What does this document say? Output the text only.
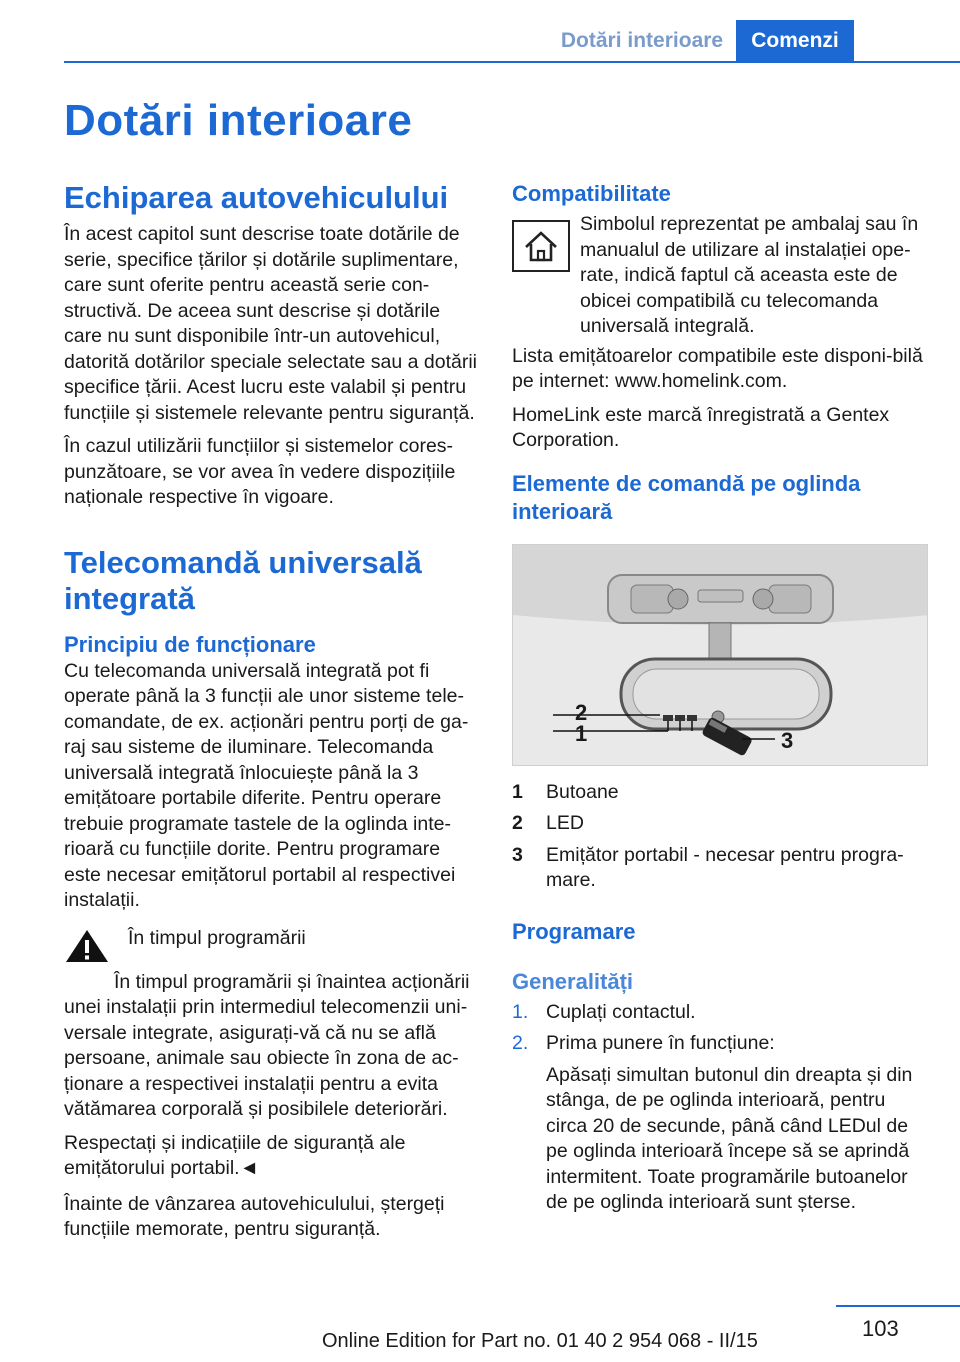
Dotări interioare	Comenzi
Dotări interioare
Echiparea autovehiculului

În acest capitol sunt descrise toate dotările de serie, specifice țărilor și dotările suplimentare, care sunt oferite pentru această serie con-structivă. De aceea sunt descrise și dotările care nu sunt disponibile într-un autovehicul, datorită dotărilor speciale selectate sau a dotării specifice țării. Acest lucru este valabil și pentru funcțiile și sistemele relevante pentru siguranță.

În cazul utilizării funcțiilor și sistemelor cores-punzătoare, se vor avea în vedere dispozițiile naționale respective în vigoare.

Telecomandă universală integrată
Principiu de funcționare

Cu telecomanda universală integrată pot fi operate până la 3 funcții ale unor sisteme tele-comandate, de ex. acționări pentru porți de ga-raj sau sisteme de iluminare. Telecomanda universală integrată înlocuiește până la 3 emițătoare portabile diferite. Pentru operare trebuie programate tastele de la oglinda inte-rioară cu funcțiile dorite. Pentru programare este necesar emițătorul portabil al respectivei instalații.

În timpul programării

În timpul programării și înaintea acționării unei instalații prin intermediul telecomenzii uni-versale integrate, asigurați-vă că nu se află persoane, animale sau obiecte în zona de ac-ționare a respectivei instalații pentru a evita vătămarea corporală și posibilele deteriorări.

Respectați și indicațiile de siguranță ale emițătorului portabil.◄

Înainte de vânzarea autovehiculului, ștergeți funcțiile memorate, pentru siguranță.

Compatibilitate
Simbolul reprezentat pe ambalaj sau în manualul de utilizare al instalației ope-rate, indică faptul că aceasta este de obicei compatibilă cu telecomanda universală integrală.

Lista emițătoarelor compatibile este disponi-bilă pe internet: www.homelink.com.

HomeLink este marcă înregistrată a Gentex Corporation.

Elemente de comandă pe oglinda interioară
2
1	3
1	Butoane
2	LED
3	Emițător portabil - necesar pentru progra-mare.
Programare
Generalități
1. Cuplați contactul.
2. Prima punere în funcțiune:

Apăsați simultan butonul din dreapta și din stânga, de pe oglinda interioară, pentru circa 20 de secunde, până când LEDul de pe oglinda interioară începe să se aprindă intermitent. Toate programările butoanelor de pe oglinda interioară sunt șterse.

103
Online Edition for Part no. 01 40 2 954 068 - II/15
